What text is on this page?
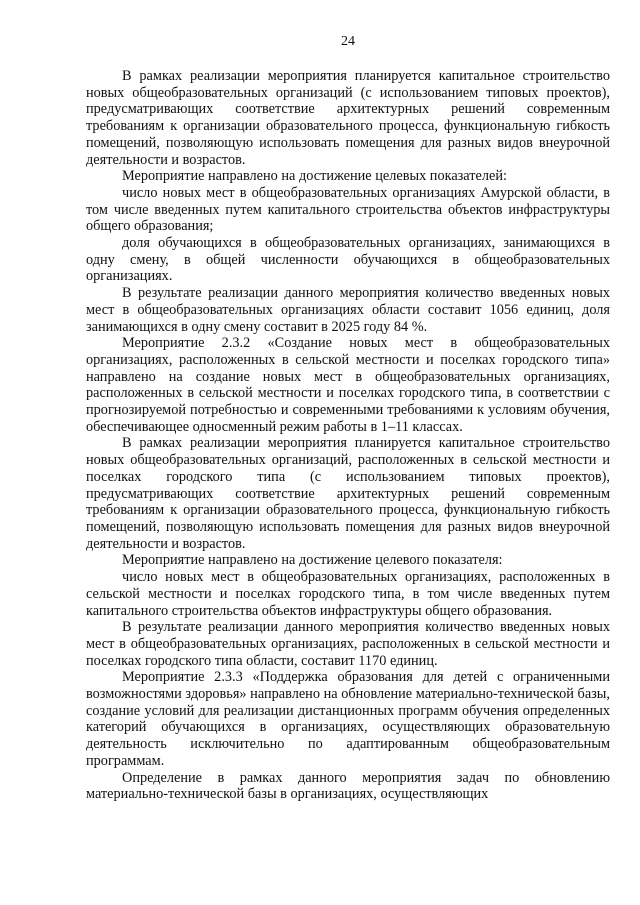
24

В рамках реализации мероприятия планируется капитальное строительство новых общеобразовательных организаций (с использованием типовых проектов), предусматривающих соответствие архитектурных решений современным требованиям к организации образовательного процесса, функциональную гибкость помещений, позволяющую использовать помещения для разных видов внеурочной деятельности и возрастов.

Мероприятие направлено на достижение целевых показателей:

число новых мест в общеобразовательных организациях Амурской области, в том числе введенных путем капитального строительства объектов инфраструктуры общего образования;

доля обучающихся в общеобразовательных организациях, занимающихся в одну смену, в общей численности обучающихся в общеобразовательных организациях.

В результате реализации данного мероприятия количество введенных новых мест в общеобразовательных организациях области составит 1056 единиц, доля занимающихся в одну смену составит в 2025 году 84 %.

Мероприятие 2.3.2 «Создание новых мест в общеобразовательных организациях, расположенных в сельской местности и поселках городского типа» направлено на создание новых мест в общеобразовательных организациях, расположенных в сельской местности и поселках городского типа, в соответствии с прогнозируемой потребностью и современными требованиями к условиям обучения, обеспечивающее односменный режим работы в 1–11 классах.

В рамках реализации мероприятия планируется капитальное строительство новых общеобразовательных организаций, расположенных в сельской местности и поселках городского типа (с использованием типовых проектов), предусматривающих соответствие архитектурных решений современным требованиям к организации образовательного процесса, функциональную гибкость помещений, позволяющую использовать помещения для разных видов внеурочной деятельности и возрастов.

Мероприятие направлено на достижение целевого показателя:

число новых мест в общеобразовательных организациях, расположенных в сельской местности и поселках городского типа, в том числе введенных путем капитального строительства объектов инфраструктуры общего образования.

В результате реализации данного мероприятия количество введенных новых мест в общеобразовательных организациях, расположенных в сельской местности и поселках городского типа области, составит 1170 единиц.

Мероприятие 2.3.3 «Поддержка образования для детей с ограниченными возможностями здоровья» направлено на обновление материально-технической базы, создание условий для реализации дистанционных программ обучения определенных категорий обучающихся в организациях, осуществляющих образовательную деятельность исключительно по адаптированным общеобразовательным программам.

Определение в рамках данного мероприятия задач по обновлению материально-технической базы в организациях, осуществляющих
